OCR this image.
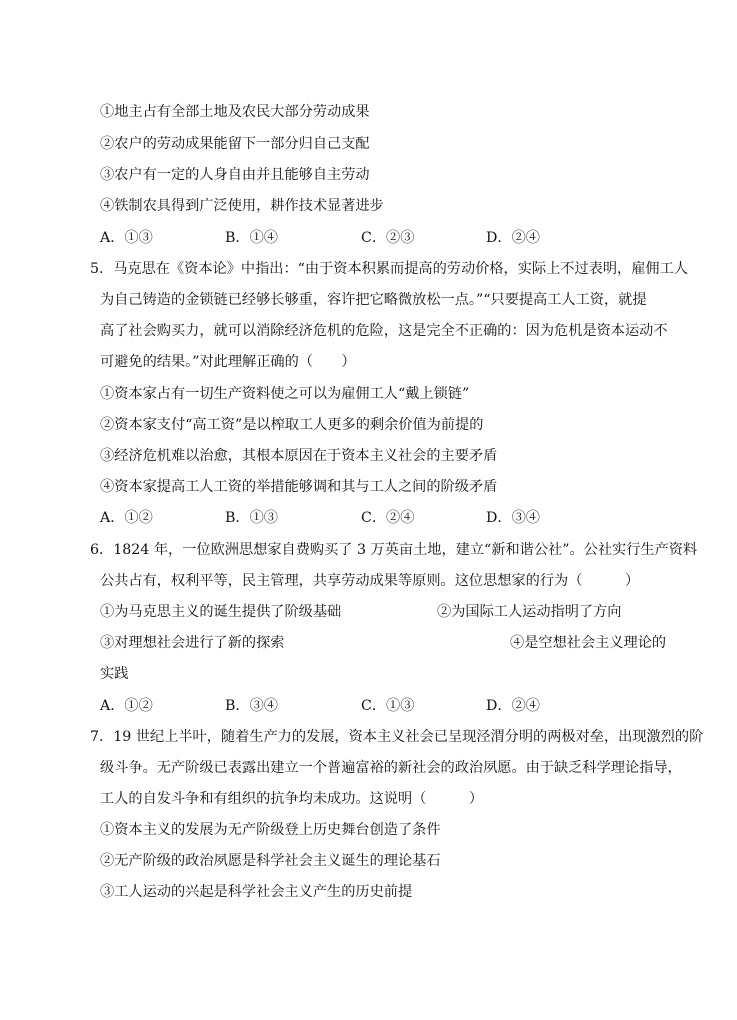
①地主占有全部土地及农民大部分劳动成果
②农户的劳动成果能留下一部分归自己支配
③农户有一定的人身自由并且能够自主劳动
④铁制农具得到广泛使用，耕作技术显著进步
A．①③	B．①④	C．②③	D．②④
5．马克思在《资本论》中指出：“由于资本积累而提高的劳动价格，实际上不过表明，雇佣工人
为自己铸造的金锁链已经够长够重，容许把它略微放松一点。”“只要提高工人工资，就提
高了社会购买力，就可以消除经济危机的危险，这是完全不正确的：因为危机是资本运动不
可避免的结果。”对此理解正确的（　　）
①资本家占有一切生产资料使之可以为雇佣工人“戴上锁链”
②资本家支付“高工资”是以榨取工人更多的剩余价值为前提的
③经济危机难以治愈，其根本原因在于资本主义社会的主要矛盾
④资本家提高工人工资的举措能够调和其与工人之间的阶级矛盾
A．①②	B．①③	C．②④	D．③④
6．1824 年，一位欧洲思想家自费购买了 3 万英亩土地，建立“新和谐公社”。公社实行生产资料
公共占有，权利平等，民主管理，共享劳动成果等原则。这位思想家的行为（　　　）
①为马克思主义的诞生提供了阶级基础	②为国际工人运动指明了方向
③对理想社会进行了新的探索	④是空想社会主义理论的
实践
A．①②	B．③④	C．①③	D．②④
7．19 世纪上半叶，随着生产力的发展，资本主义社会已呈现泾渭分明的两极对垒，出现激烈的阶
级斗争。无产阶级已表露出建立一个普遍富裕的新社会的政治夙愿。由于缺乏科学理论指导，
工人的自发斗争和有组织的抗争均未成功。这说明（　　　）
①资本主义的发展为无产阶级登上历史舞台创造了条件
②无产阶级的政治夙愿是科学社会主义诞生的理论基石
③工人运动的兴起是科学社会主义产生的历史前提
